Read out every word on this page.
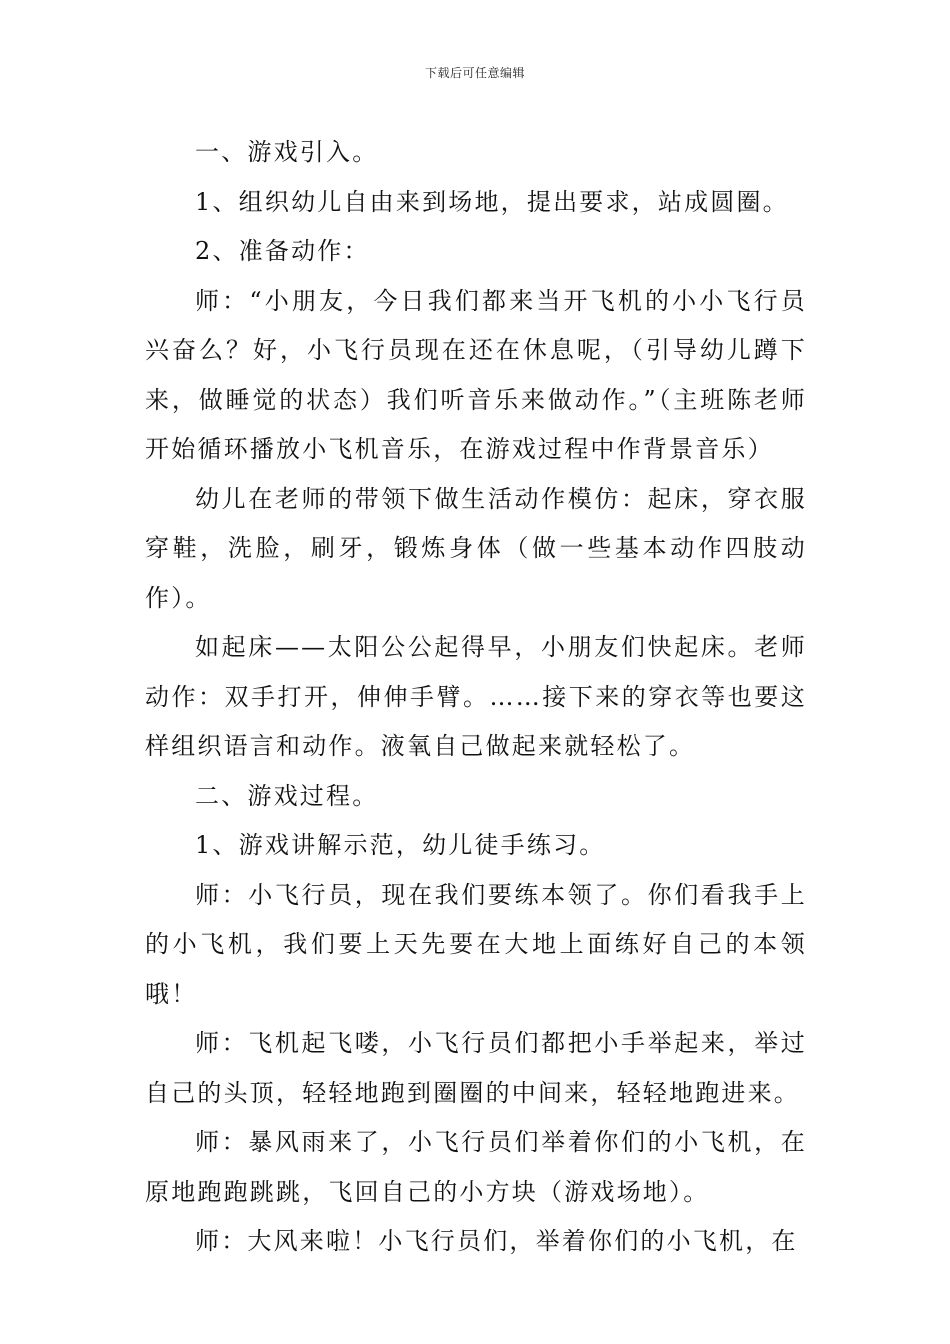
下载后可任意编辑

一、游戏引入。

1、组织幼儿自由来到场地，提出要求，站成圆圈。

2、准备动作：

师：“小朋友，今日我们都来当开飞机的小小飞行员兴奋么？好，小飞行员现在还在休息呢，（引导幼儿蹲下来，做睡觉的状态）我们听音乐来做动作。”（主班陈老师开始循环播放小飞机音乐，在游戏过程中作背景音乐）

幼儿在老师的带领下做生活动作模仿：起床，穿衣服穿鞋，洗脸，刷牙，锻炼身体（做一些基本动作四肢动作）。

如起床——太阳公公起得早，小朋友们快起床。老师动作：双手打开，伸伸手臂。……接下来的穿衣等也要这样组织语言和动作。液氧自己做起来就轻松了。

二、游戏过程。

1、游戏讲解示范，幼儿徒手练习。

师：小飞行员，现在我们要练本领了。你们看我手上的小飞机，我们要上天先要在大地上面练好自己的本领哦！

师：飞机起飞喽，小飞行员们都把小手举起来，举过自己的头顶，轻轻地跑到圈圈的中间来，轻轻地跑进来。

师：暴风雨来了，小飞行员们举着你们的小飞机，在原地跑跑跳跳，飞回自己的小方块（游戏场地）。

师：大风来啦！小飞行员们，举着你们的小飞机，在
